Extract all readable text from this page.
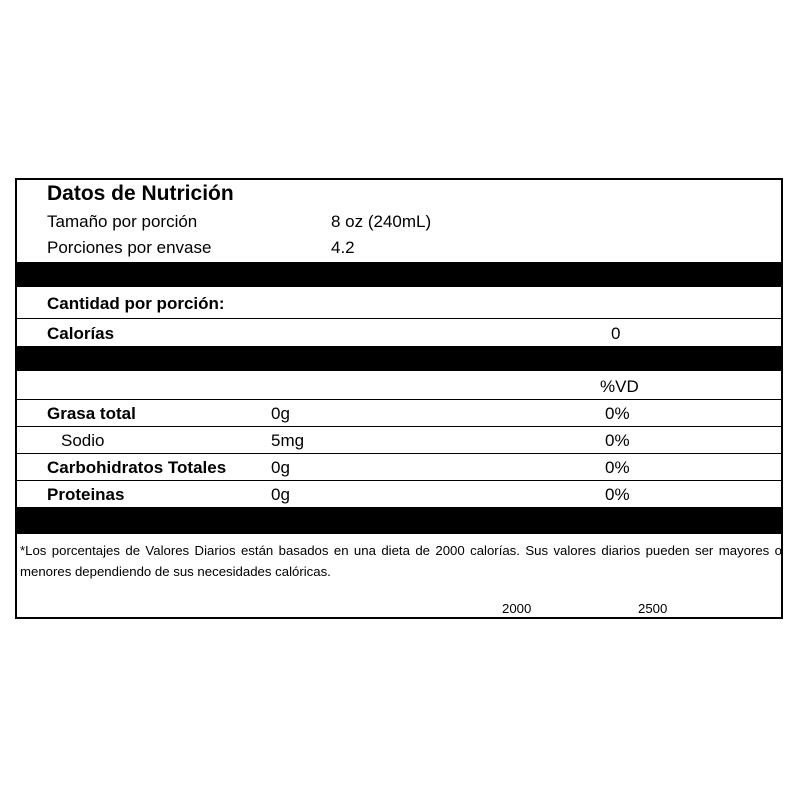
Datos de Nutrición
Tamaño por porción	8 oz (240mL)
Porciones por envase	4.2
Cantidad por porción:
Calorías	0
%VD
Grasa total	0g	0%
Sodio	5mg	0%
Carbohidratos Totales	0g	0%
Proteinas	0g	0%
*Los porcentajes de Valores Diarios están basados en una dieta de 2000 calorías. Sus valores diarios pueden ser mayores o menores dependiendo de sus necesidades calóricas.
2000	2500
